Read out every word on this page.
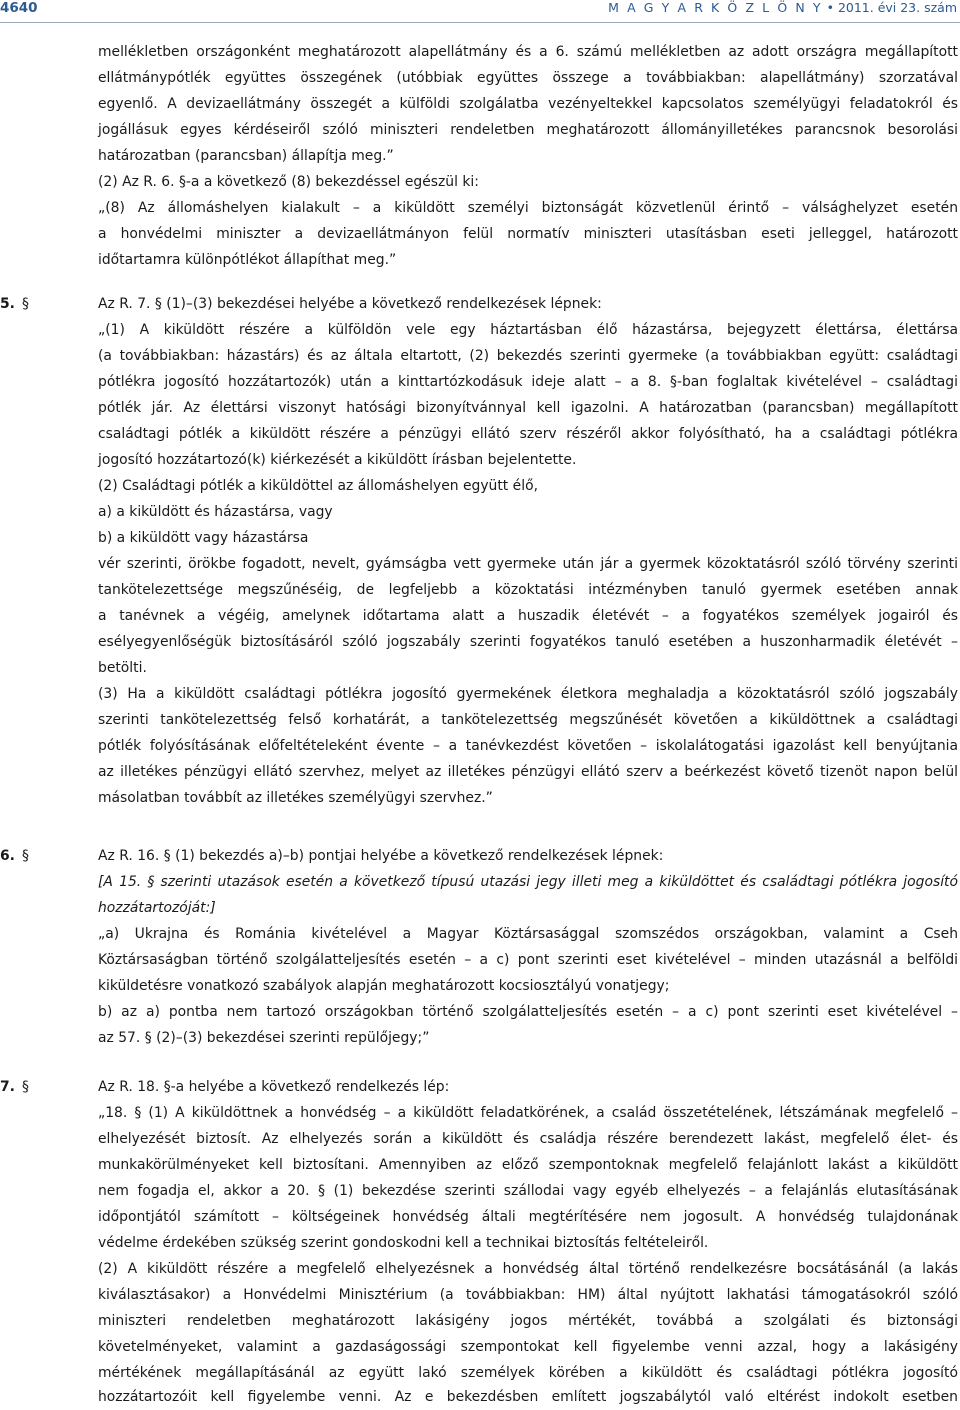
4640	M A G Y A R K Ö Z L Ö N Y • 2011. évi 23. szám
mellékletben országonként meghatározott alapellátmány és a 6. számú mellékletben az adott országra megállapított
ellátmánypótlék együttes összegének (utóbbiak együttes összege a továbbiakban: alapellátmány) szorzatával
egyenlő. A devizaellátmány összegét a külföldi szolgálatba vezényeltekkel kapcsolatos személyügyi feladatokról és
jogállásuk egyes kérdéseiről szóló miniszteri rendeletben meghatározott állományilletékes parancsnok besorolási
határozatban (parancsban) állapítja meg.”
(2) Az R. 6. §-a a következő (8) bekezdéssel egészül ki:
„(8) Az állomáshelyen kialakult – a kiküldött személyi biztonságát közvetlenül érintő – válsághelyzet esetén
a honvédelmi miniszter a devizaellátmányon felül normatív miniszteri utasításban eseti jelleggel, határozott
időtartamra különpótlékot állapíthat meg.”
5. §	Az R. 7. § (1)–(3) bekezdései helyébe a következő rendelkezések lépnek:
„(1) A kiküldött részére a külföldön vele egy háztartásban élő házastársa, bejegyzett élettársa, élettársa
(a továbbiakban: házastárs) és az általa eltartott, (2) bekezdés szerinti gyermeke (a továbbiakban együtt: családtagi
pótlékra jogosító hozzátartozók) után a kinttartózkodásuk ideje alatt – a 8. §-ban foglaltak kivételével – családtagi
pótlék jár. Az élettársi viszonyt hatósági bizonyítvánnyal kell igazolni. A határozatban (parancsban) megállapított
családtagi pótlék a kiküldött részére a pénzügyi ellátó szerv részéről akkor folyósítható, ha a családtagi pótlékra
jogosító hozzátartozó(k) kiérkezését a kiküldött írásban bejelentette.
(2) Családtagi pótlék a kiküldöttel az állomáshelyen együtt élő,
a) a kiküldött és házastársa, vagy
b) a kiküldött vagy házastársa
vér szerinti, örökbe fogadott, nevelt, gyámságba vett gyermeke után jár a gyermek közoktatásról szóló törvény szerinti
tankötelezettsége megszűnéséig, de legfeljebb a közoktatási intézményben tanuló gyermek esetében annak
a tanévnek a végéig, amelynek időtartama alatt a huszadik életévét – a fogyatékos személyek jogairól és
esélyegyenlőségük biztosításáról szóló jogszabály szerinti fogyatékos tanuló esetében a huszonharmadik életévét –
betölti.
(3) Ha a kiküldött családtagi pótlékra jogosító gyermekének életkora meghaladja a közoktatásról szóló jogszabály
szerinti tankötelezettség felső korhatárát, a tankötelezettség megszűnését követően a kiküldöttnek a családtagi
pótlék folyósításának előfeltételeként évente – a tanévkezdést követően – iskolalátogatási igazolást kell benyújtania
az illetékes pénzügyi ellátó szervhez, melyet az illetékes pénzügyi ellátó szerv a beérkezést követő tizenöt napon belül
másolatban továbbít az illetékes személyügyi szervhez.”
6. §	Az R. 16. § (1) bekezdés a)–b) pontjai helyébe a következő rendelkezések lépnek:
[A 15. § szerinti utazások esetén a következő típusú utazási jegy illeti meg a kiküldöttet és családtagi pótlékra jogosító
hozzátartozóját:]
„a) Ukrajna és Románia kivételével a Magyar Köztársasággal szomszédos országokban, valamint a Cseh
Köztársaságban történő szolgálatteljesítés esetén – a c) pont szerinti eset kivételével – minden utazásnál a belföldi
kiküldetésre vonatkozó szabályok alapján meghatározott kocsiosztályú vonatjegy;
b) az a) pontba nem tartozó országokban történő szolgálatteljesítés esetén – a c) pont szerinti eset kivételével –
az 57. § (2)–(3) bekezdései szerinti repülőjegy;”
7. §	Az R. 18. §-a helyébe a következő rendelkezés lép:
„18. § (1) A kiküldöttnek a honvédség – a kiküldött feladatkörének, a család összetételének, létszámának megfelelő –
elhelyezését biztosít. Az elhelyezés során a kiküldött és családja részére berendezett lakást, megfelelő élet- és
munkakörülményeket kell biztosítani. Amennyiben az előző szempontoknak megfelelő felajánlott lakást a kiküldött
nem fogadja el, akkor a 20. § (1) bekezdése szerinti szállodai vagy egyéb elhelyezés – a felajánlás elutasításának
időpontjától számított – költségeinek honvédség általi megtérítésére nem jogosult. A honvédség tulajdonának
védelme érdekében szükség szerint gondoskodni kell a technikai biztosítás feltételeiről.
(2) A kiküldött részére a megfelelő elhelyezésnek a honvédség által történő rendelkezésre bocsátásánál (a lakás
kiválasztásakor) a Honvédelmi Minisztérium (a továbbiakban: HM) által nyújtott lakhatási támogatásokról szóló
miniszteri rendeletben meghatározott lakásigény jogos mértékét, továbbá a szolgálati és biztonsági
követelményeket, valamint a gazdaságossági szempontokat kell figyelembe venni azzal, hogy a lakásigény
mértékének megállapításánál az együtt lakó személyek körében a kiküldött és családtagi pótlékra jogosító
hozzátartozóit kell figyelembe venni. Az e bekezdésben említett jogszabálytól való eltérést indokolt esetben
